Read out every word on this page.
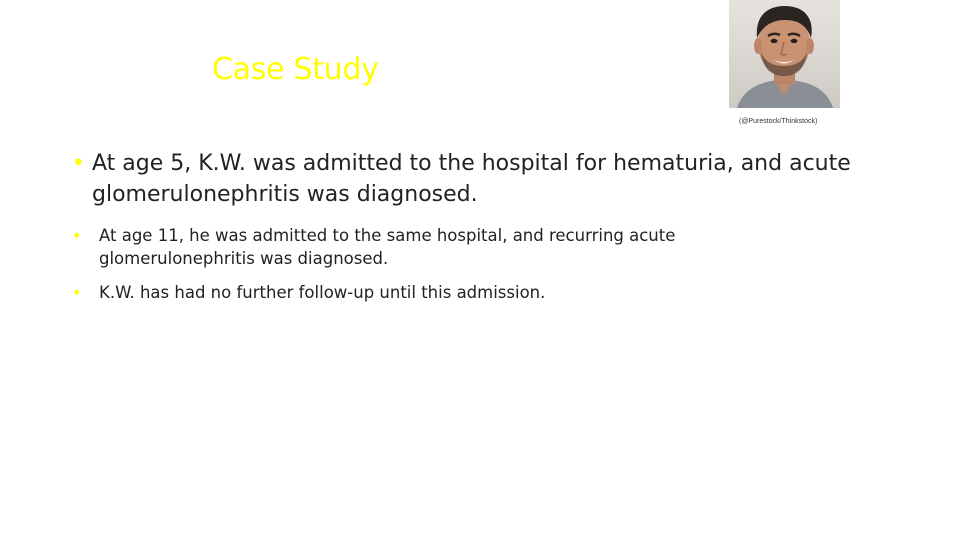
Case Study
(@Purestock/Thinkstock)
• At age 5, K.W. was admitted to the hospital for hematuria, and acute glomerulonephritis was diagnosed.
•	At age 11, he was admitted to the same hospital, and recurring acute glomerulonephritis was diagnosed.
•	K.W. has had no further follow-up until this admission.
